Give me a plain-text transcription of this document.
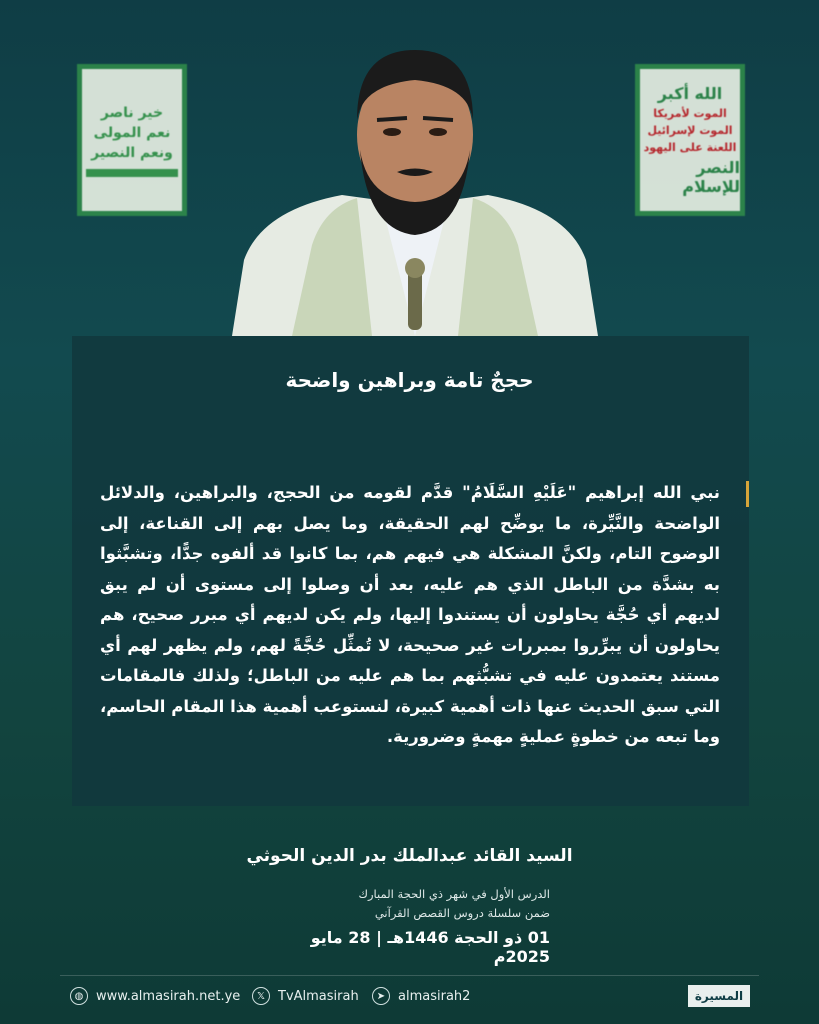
خير ناصر
نعم المولى
ونعم النصير
الله أكبر
الموت لأمريكا
الموت لإسرائيل
اللعنة على اليهود
النصر للإسلام
حججٌ تامة وبراهين واضحة
نبي الله إبراهيم "عَلَيْهِ السَّلَامُ" قدَّم لقومه من الحجج، والبراهين، والدلائل الواضحة والنَّيِّرة، ما يوضِّح لهم الحقيقة، وما يصل بهم إلى القناعة، إلى الوضوح التام، ولكنَّ المشكلة هي فيهم هم، بما كانوا قد ألفوه جدًّا، وتشبَّثوا به بشدَّة من الباطل الذي هم عليه، بعد أن وصلوا إلى مستوى أن لم يبق لديهم أي حُجَّة يحاولون أن يستندوا إليها، ولم يكن لديهم أي مبرر صحيح، هم يحاولون أن يبرِّروا بمبررات غير صحيحة، لا تُمثِّل حُجَّةً لهم، ولم يظهر لهم أي مستند يعتمدون عليه في تشبُّثهم بما هم عليه من الباطل؛ ولذلك فالمقامات التي سبق الحديث عنها ذات أهمية كبيرة، لنستوعب أهمية هذا المقام الحاسم، وما تبعه من خطوةٍ عمليةٍ مهمةٍ وضرورية.
السيد القائد عبدالملك بدر الدين الحوثي
الدرس الأول في شهر ذي الحجة المبارك
ضمن سلسلة دروس القصص القرآني
01 ذو الحجة 1446هـ | 28 مايو 2025م
◍ www.almasirah.net.ye	𝕏 TvAlmasirah	➤ almasirah2	المسيرة
